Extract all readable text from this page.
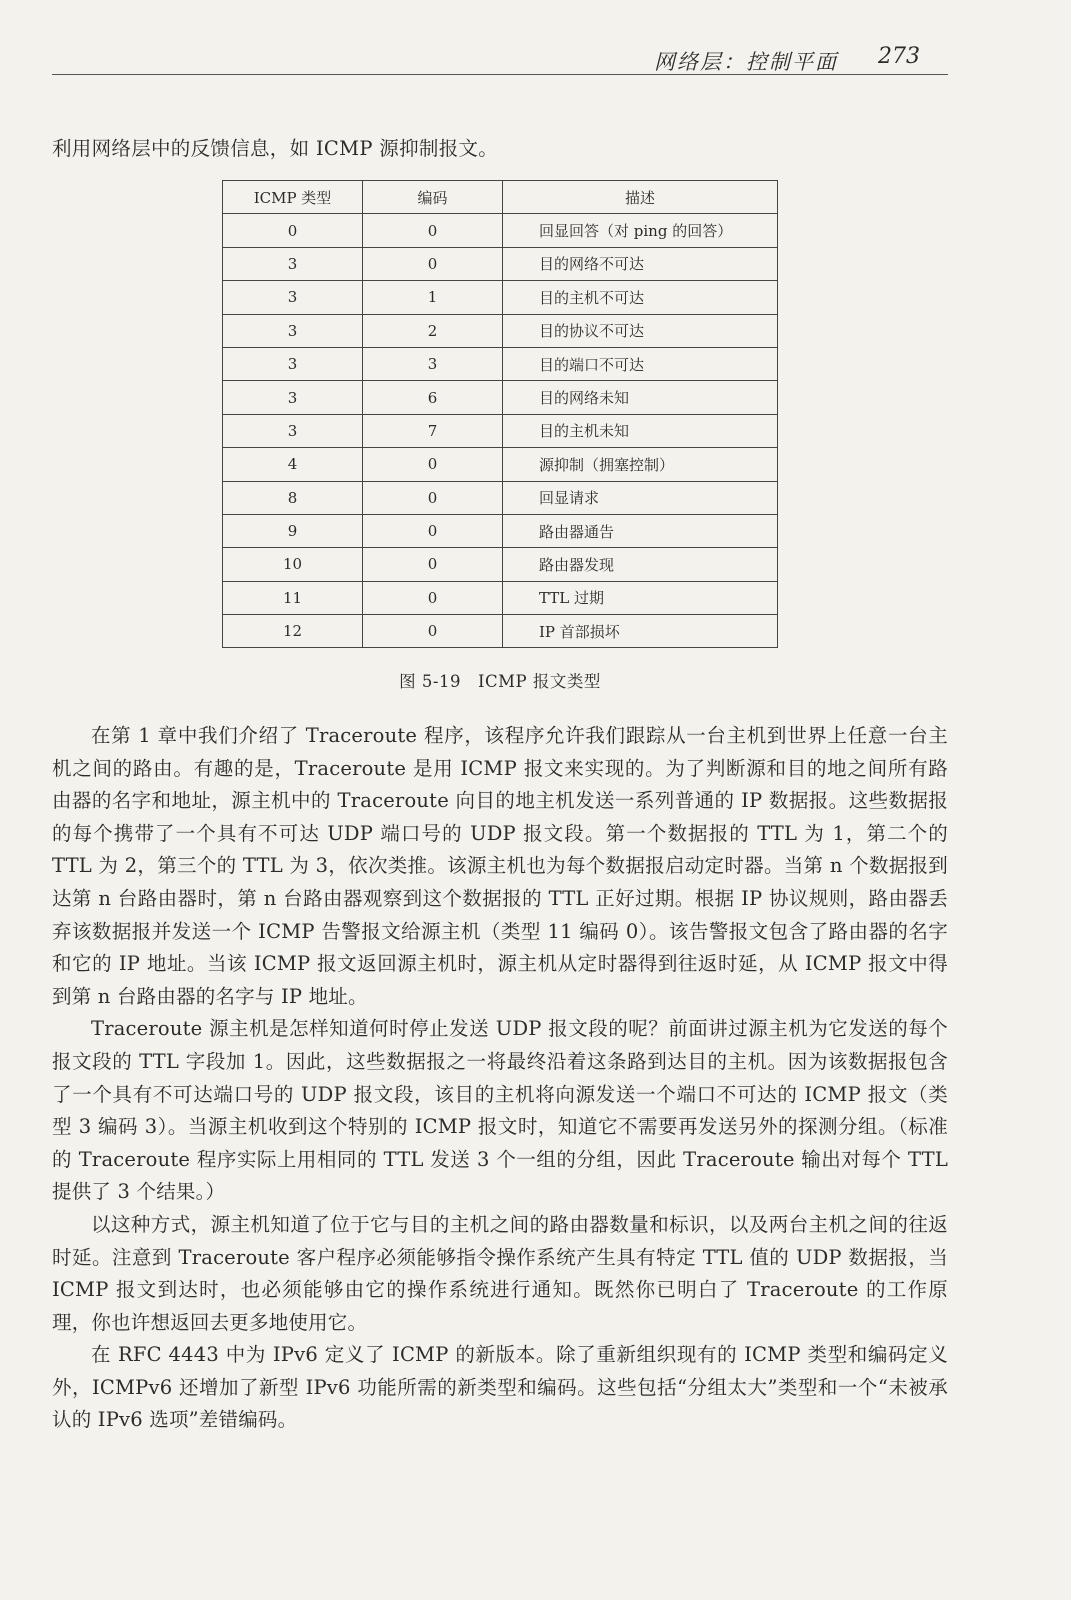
网络层：控制平面 273
利用网络层中的反馈信息，如 ICMP 源抑制报文。
ICMP 类型	编码	描述
0	0	回显回答（对 ping 的回答）
3	0	目的网络不可达
3	1	目的主机不可达
3	2	目的协议不可达
3	3	目的端口不可达
3	6	目的网络未知
3	7	目的主机未知
4	0	源抑制（拥塞控制）
8	0	回显请求
9	0	路由器通告
10	0	路由器发现
11	0	TTL 过期
12	0	IP 首部损坏
图 5-19　ICMP 报文类型

在第 1 章中我们介绍了 Traceroute 程序，该程序允许我们跟踪从一台主机到世界上任意一台主机之间的路由。有趣的是，Traceroute 是用 ICMP 报文来实现的。为了判断源和目的地之间所有路由器的名字和地址，源主机中的 Traceroute 向目的地主机发送一系列普通的 IP 数据报。这些数据报的每个携带了一个具有不可达 UDP 端口号的 UDP 报文段。第一个数据报的 TTL 为 1，第二个的 TTL 为 2，第三个的 TTL 为 3，依次类推。该源主机也为每个数据报启动定时器。当第 n 个数据报到达第 n 台路由器时，第 n 台路由器观察到这个数据报的 TTL 正好过期。根据 IP 协议规则，路由器丢弃该数据报并发送一个 ICMP 告警报文给源主机（类型 11 编码 0）。该告警报文包含了路由器的名字和它的 IP 地址。当该 ICMP 报文返回源主机时，源主机从定时器得到往返时延，从 ICMP 报文中得到第 n 台路由器的名字与 IP 地址。

Traceroute 源主机是怎样知道何时停止发送 UDP 报文段的呢？前面讲过源主机为它发送的每个报文段的 TTL 字段加 1。因此，这些数据报之一将最终沿着这条路到达目的主机。因为该数据报包含了一个具有不可达端口号的 UDP 报文段，该目的主机将向源发送一个端口不可达的 ICMP 报文（类型 3 编码 3）。当源主机收到这个特别的 ICMP 报文时，知道它不需要再发送另外的探测分组。（标准的 Traceroute 程序实际上用相同的 TTL 发送 3 个一组的分组，因此 Traceroute 输出对每个 TTL 提供了 3 个结果。）

以这种方式，源主机知道了位于它与目的主机之间的路由器数量和标识，以及两台主机之间的往返时延。注意到 Traceroute 客户程序必须能够指令操作系统产生具有特定 TTL 值的 UDP 数据报，当 ICMP 报文到达时，也必须能够由它的操作系统进行通知。既然你已明白了 Traceroute 的工作原理，你也许想返回去更多地使用它。

在 RFC 4443 中为 IPv6 定义了 ICMP 的新版本。除了重新组织现有的 ICMP 类型和编码定义外，ICMPv6 还增加了新型 IPv6 功能所需的新类型和编码。这些包括“分组太大”类型和一个“未被承认的 IPv6 选项”差错编码。
